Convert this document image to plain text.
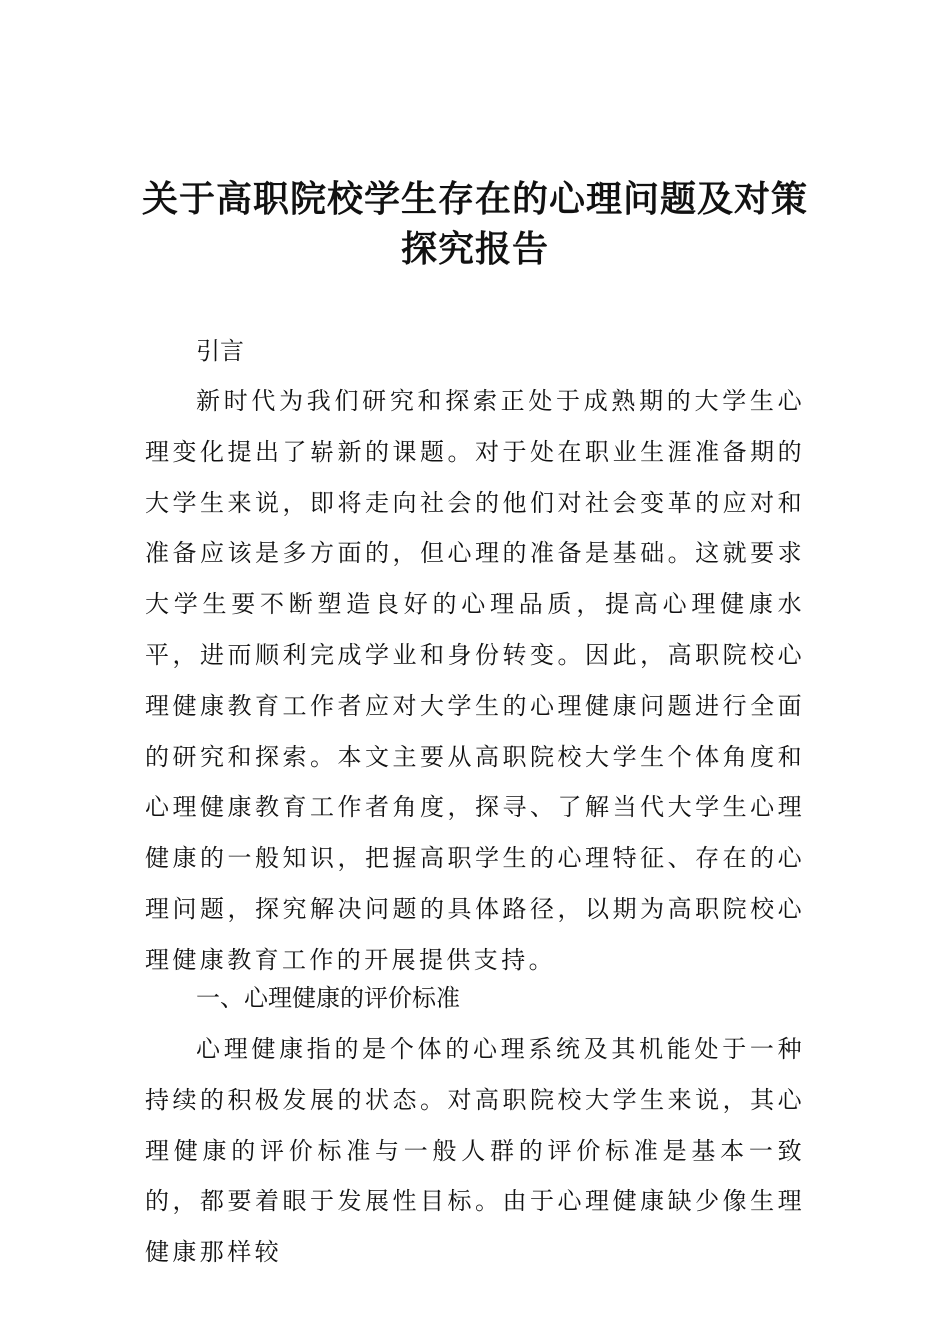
关于高职院校学生存在的心理问题及对策
探究报告
引言
新时代为我们研究和探索正处于成熟期的大学生心理变化提出了崭新的课题。对于处在职业生涯准备期的大学生来说，即将走向社会的他们对社会变革的应对和准备应该是多方面的，但心理的准备是基础。这就要求大学生要不断塑造良好的心理品质，提高心理健康水平，进而顺利完成学业和身份转变。因此，高职院校心理健康教育工作者应对大学生的心理健康问题进行全面的研究和探索。本文主要从高职院校大学生个体角度和心理健康教育工作者角度，探寻、了解当代大学生心理健康的一般知识，把握高职学生的心理特征、存在的心理问题，探究解决问题的具体路径，以期为高职院校心理健康教育工作的开展提供支持。
一、心理健康的评价标准
心理健康指的是个体的心理系统及其机能处于一种持续的积极发展的状态。对高职院校大学生来说，其心理健康的评价标准与一般人群的评价标准是基本一致的，都要着眼于发展性目标。由于心理健康缺少像生理健康那样较
